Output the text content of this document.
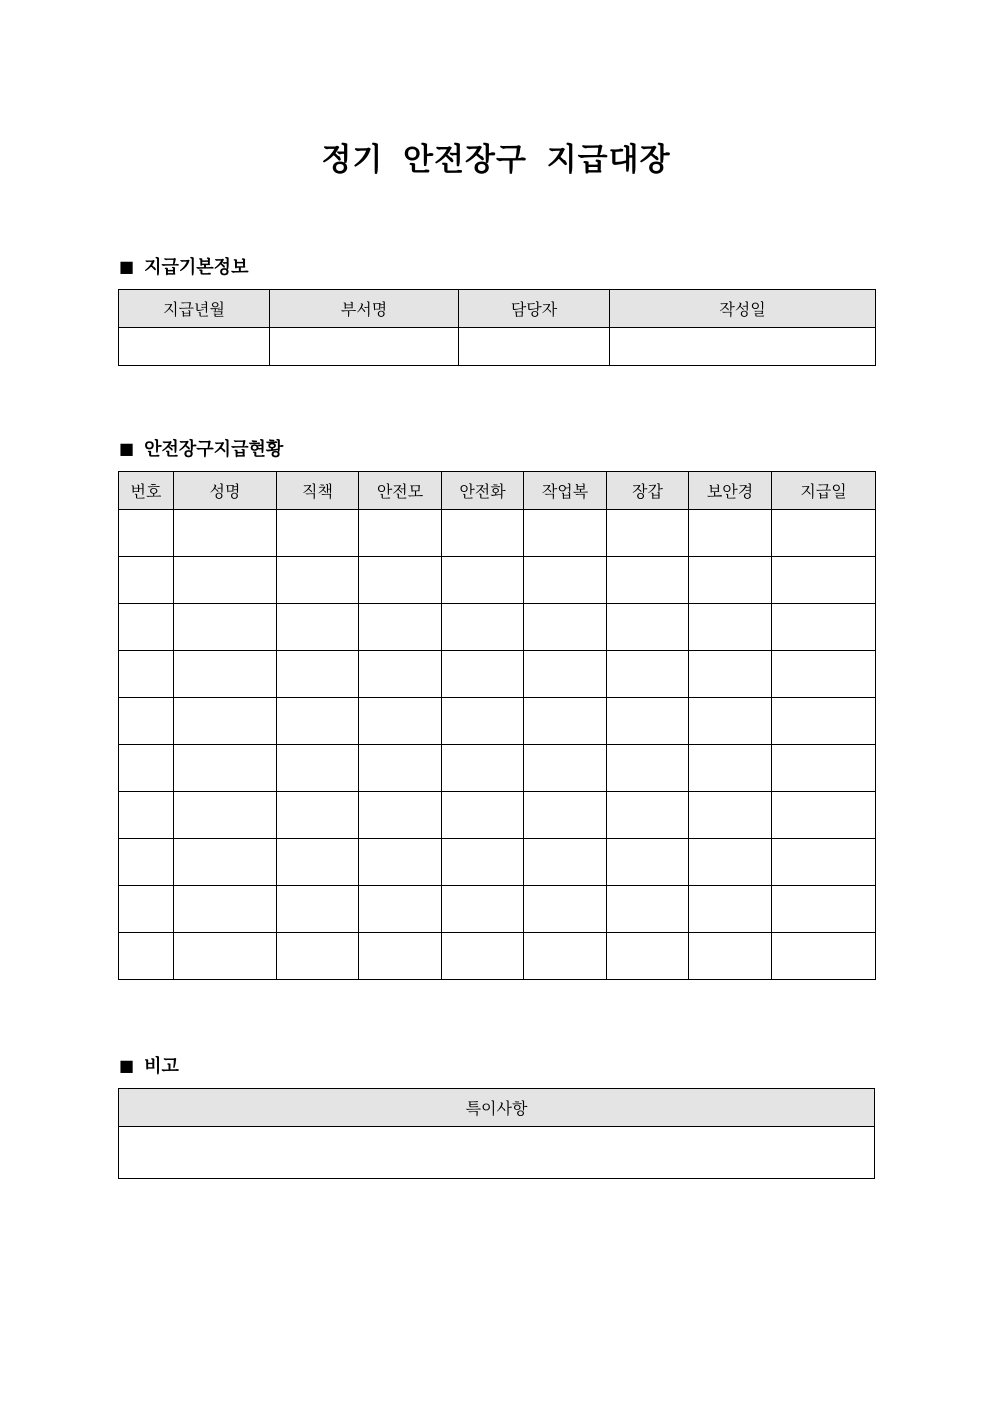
정기 안전장구 지급대장
■ 지급기본정보
지급년월	부서명	담당자	작성일

■ 안전장구지급현황
번호	성명	직책	안전모	안전화	작업복	장갑	보안경	지급일

■ 비고
특이사항
